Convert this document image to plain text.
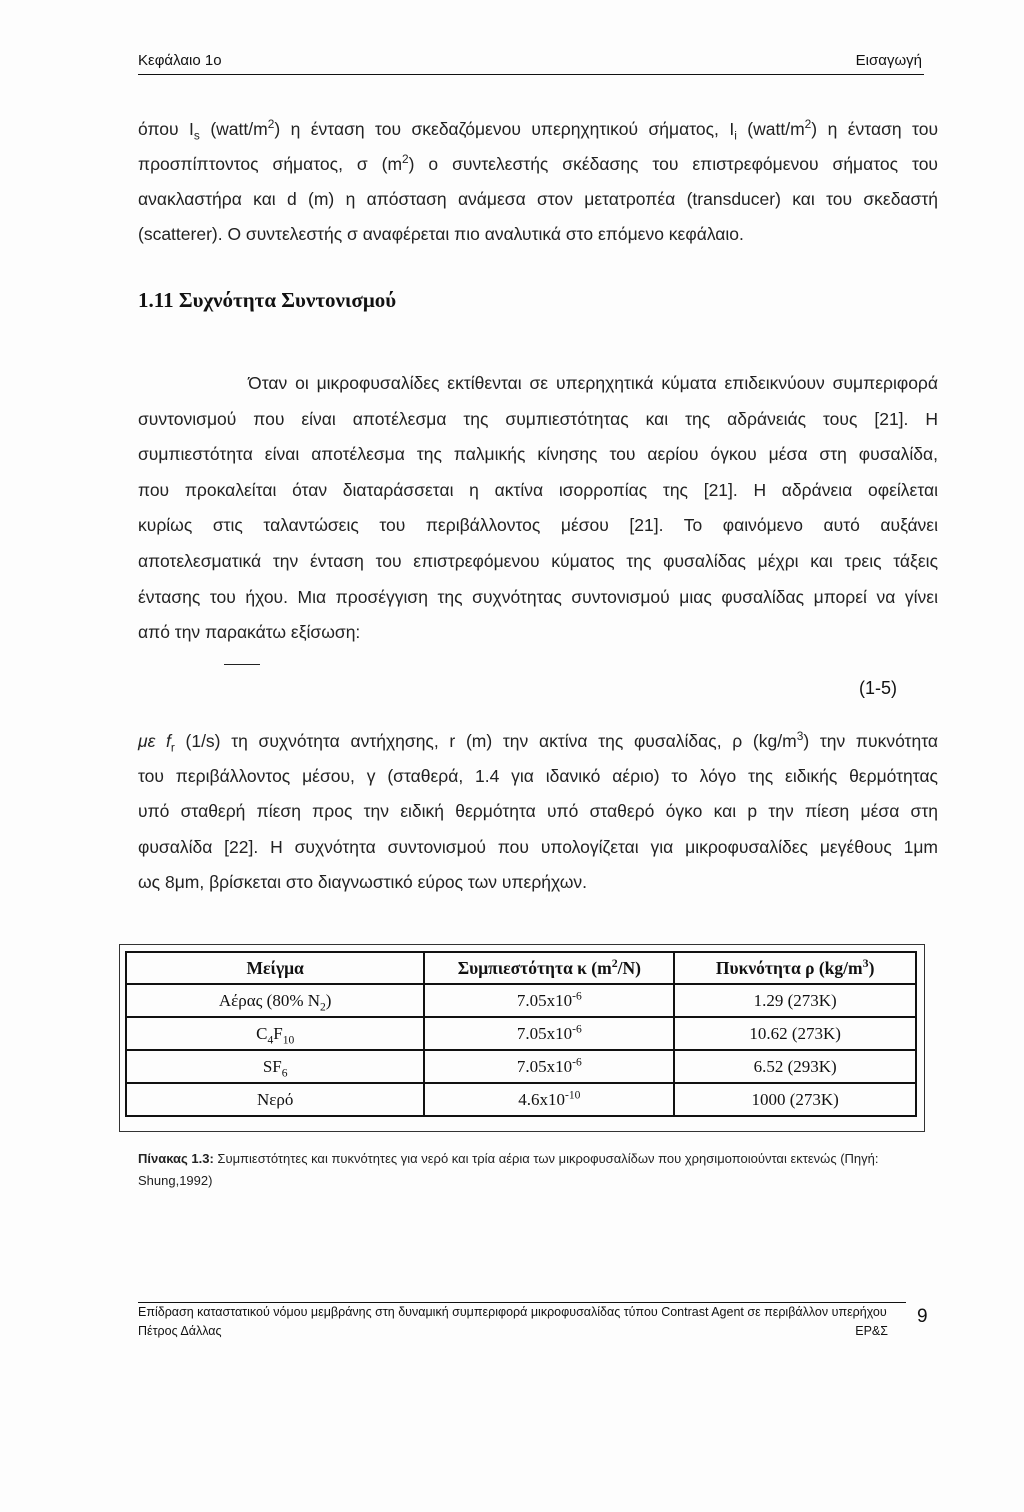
Κεφάλαιο 1ο	Εισαγωγή
όπου $I_s$ $(watt/m^2)$ η ένταση του σκεδαζόμενου υπερηχητικού σήματος, $I_i$ $(watt/m^2)$ η ένταση του προσπίπτοντος σήματος, σ $(m^2)$ ο συντελεστής σκέδασης του επιστρεφόμενου σήματος του ανακλαστήρα και d (m) η απόσταση ανάμεσα στον μετατροπέα (transducer) και του σκεδαστή
(scatterer). Ο συντελεστής σ αναφέρεται πιο αναλυτικά στο επόμενο κεφάλαιο.
1.11 Συχνότητα Συντονισμού
Όταν οι μικροφυσαλίδες εκτίθενται σε υπερηχητικά κύματα επιδεικνύουν συμπεριφορά
συντονισμού που είναι αποτέλεσμα της συμπιεστότητας και της αδράνειάς τους [21]. Η
συμπιεστότητα είναι αποτέλεσμα της παλμικής κίνησης του αερίου όγκου μέσα στη φυσαλίδα,
που προκαλείται όταν διαταράσσεται η ακτίνα ισορροπίας της [21]. Η αδράνεια οφείλεται
κυρίως στις ταλαντώσεις του περιβάλλοντος μέσου [21]. Το φαινόμενο αυτό αυξάνει
αποτελεσματικά την ένταση του επιστρεφόμενου κύματος της φυσαλίδας μέχρι και τρεις τάξεις
έντασης του ήχου. Μια προσέγγιση της συχνότητας συντονισμού μιας φυσαλίδας μπορεί να γίνει
από την παρακάτω εξίσωση:
(1-5)
με $f_r$ (1/s) τη συχνότητα αντήχησης, r (m) την ακτίνα της φυσαλίδας, ρ $(kg/m^3)$ την πυκνότητα
του περιβάλλοντος μέσου, γ (σταθερά, 1.4 για ιδανικό αέριο) το λόγο της ειδικής θερμότητας
υπό σταθερή πίεση προς την ειδική θερμότητα υπό σταθερό όγκο και p την πίεση μέσα στη
φυσαλίδα [22]. Η συχνότητα συντονισμού που υπολογίζεται για μικροφυσαλίδες μεγέθους 1μm
ως 8μm, βρίσκεται στο διαγνωστικό εύρος των υπερήχων.
Μείγμα	Συμπιεστότητα κ $(m^2/N)$	Πυκνότητα ρ $(kg/m^3)$
Αέρας (80% $N_2$)	$7.05x10^{-6}$	1.29 (273K)
$C_4F_{10}$	$7.05x10^{-6}$	10.62 (273K)
$SF_6$	$7.05x10^{-6}$	6.52 (293K)
Νερό	$4.6x10^{-10}$	1000 (273K)
Πίνακας 1.3: Συμπιεστότητες και πυκνότητες για νερό και τρία αέρια των μικροφυσαλίδων που χρησιμοποιούνται εκτενώς (Πηγή: Shung,1992)
Επίδραση καταστατικού νόμου μεμβράνης στη δυναμική συμπεριφορά μικροφυσαλίδας τύπου Contrast Agent σε περιβάλλον υπερήχου
Πέτρος Δάλλας	ΕΡ&Σ
9
